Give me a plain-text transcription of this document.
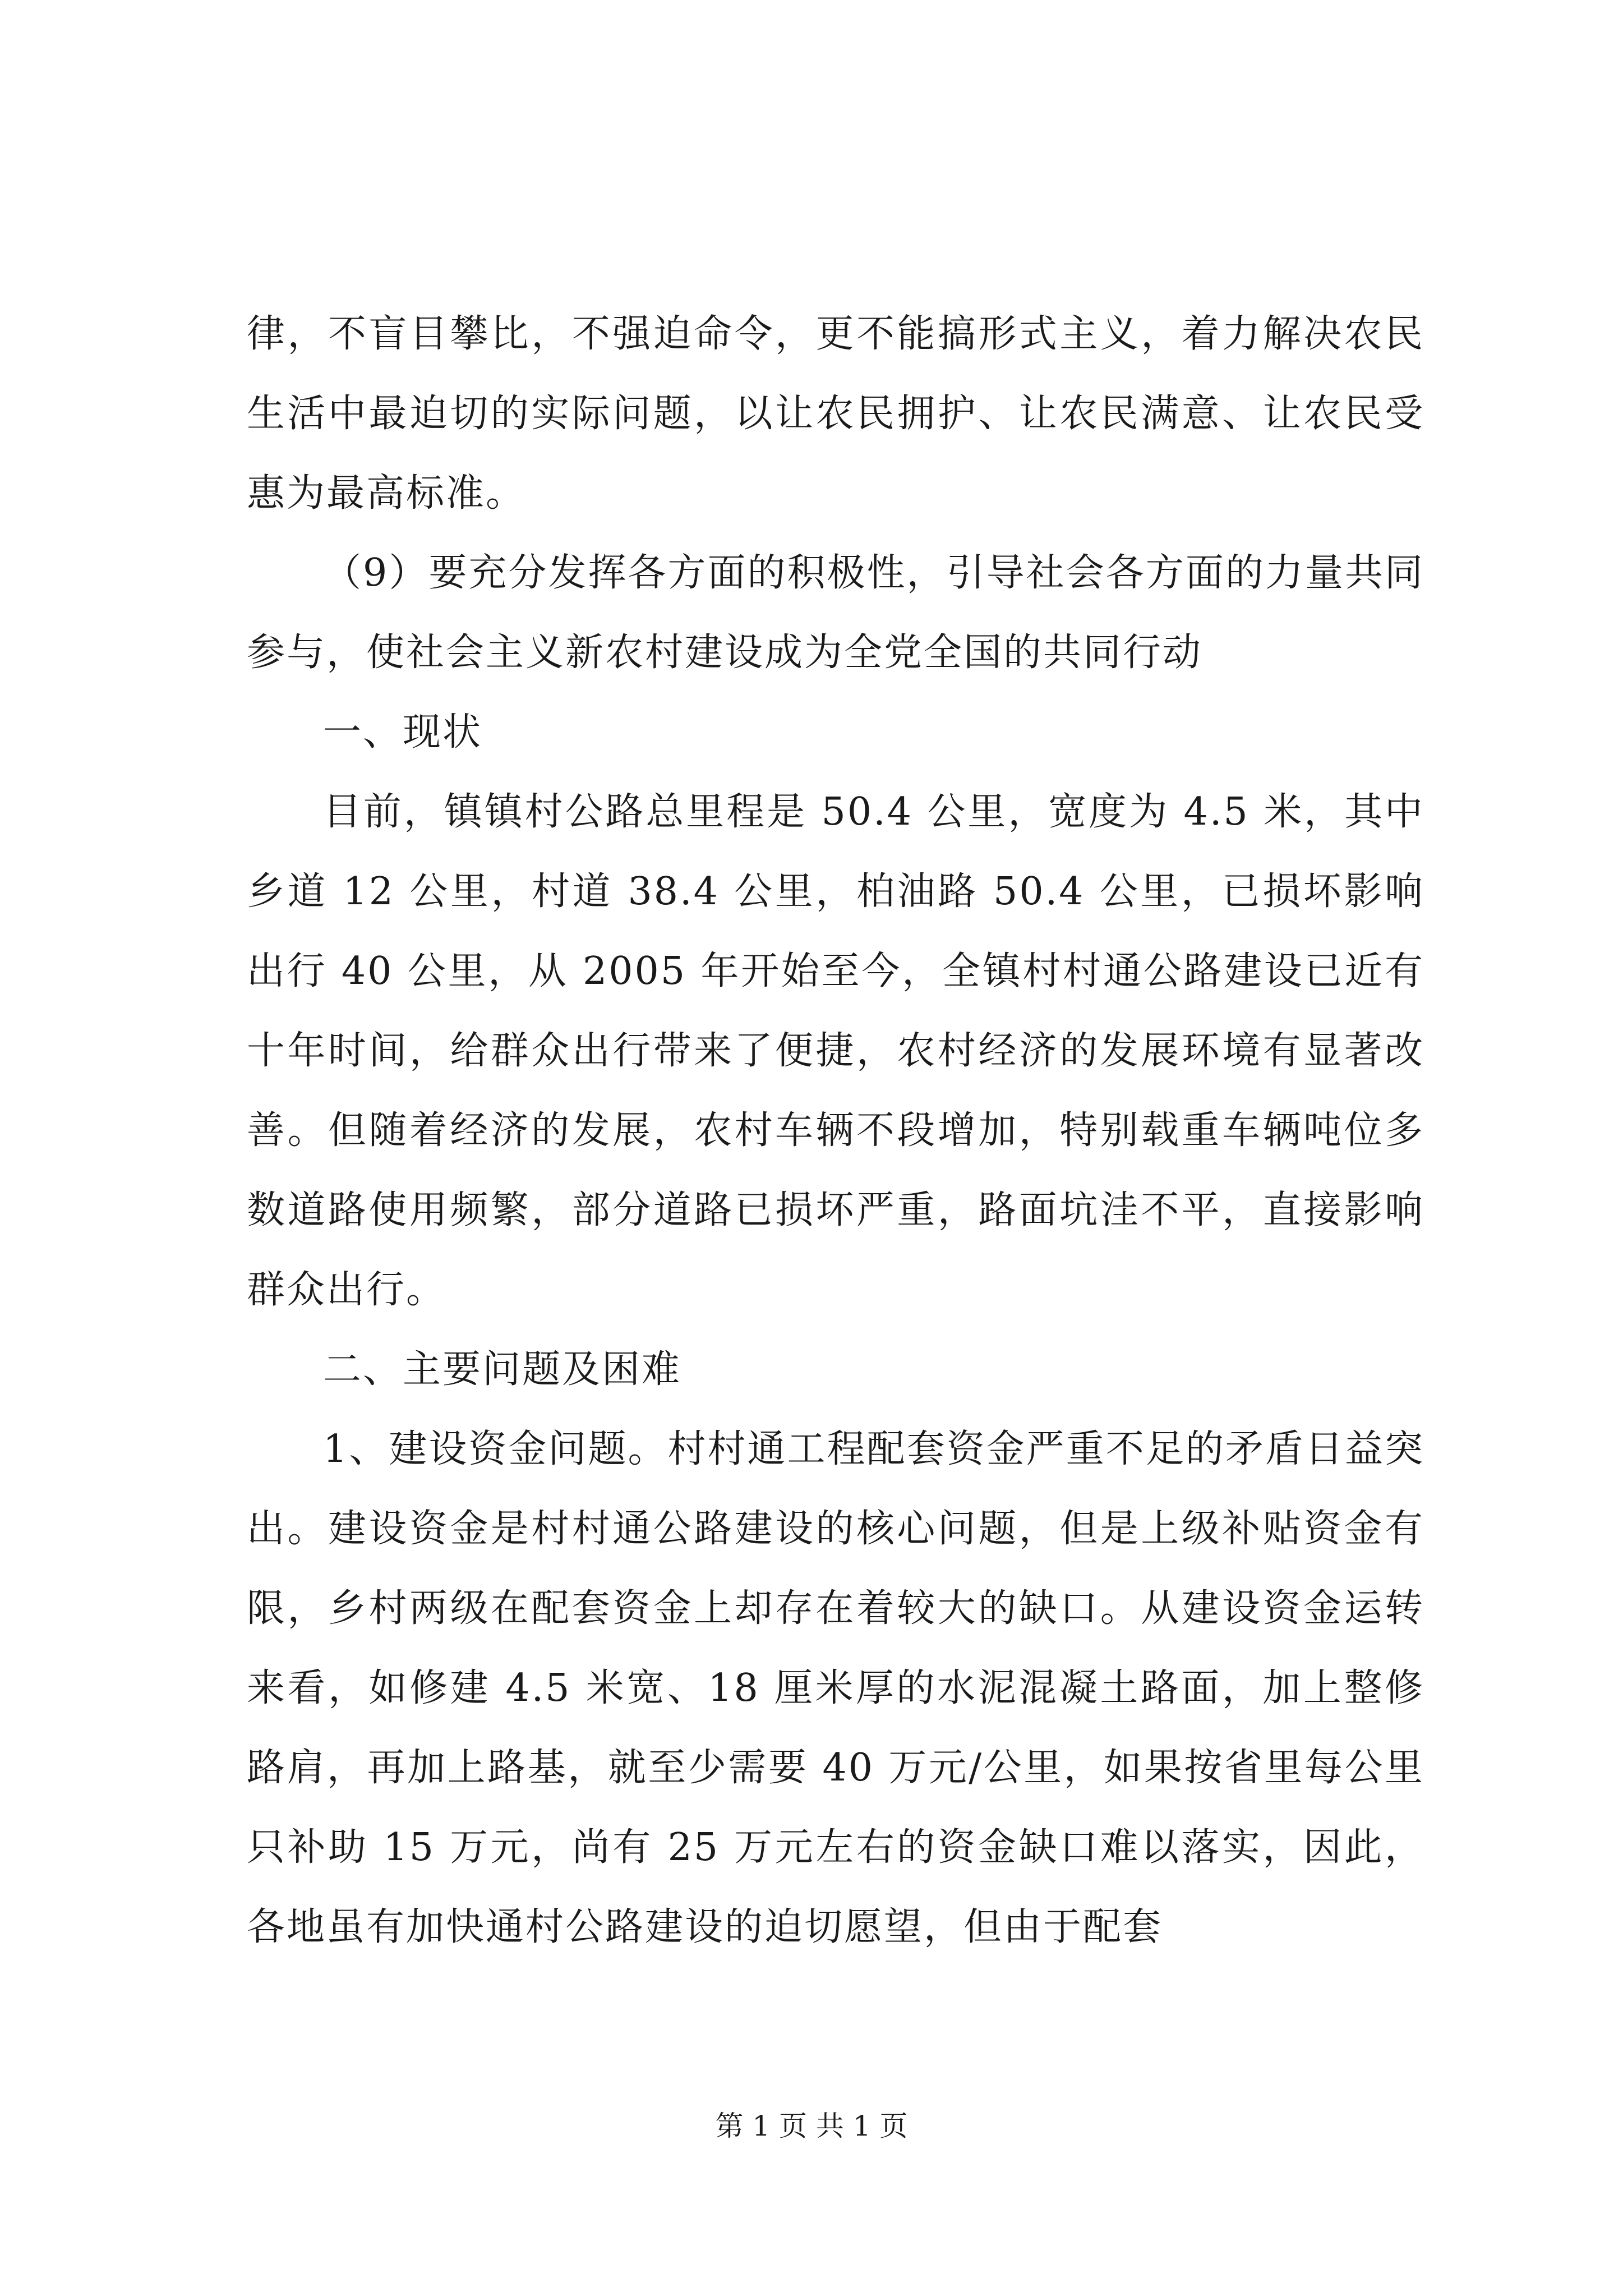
律，不盲目攀比，不强迫命令，更不能搞形式主义，着力解决农民生活中最迫切的实际问题，以让农民拥护、让农民满意、让农民受惠为最高标准。

（9）要充分发挥各方面的积极性，引导社会各方面的力量共同参与，使社会主义新农村建设成为全党全国的共同行动

一、现状

目前，镇镇村公路总里程是 50.4 公里，宽度为 4.5 米，其中乡道 12 公里，村道 38.4 公里，柏油路 50.4 公里，已损坏影响出行 40 公里，从 2005 年开始至今，全镇村村通公路建设已近有十年时间，给群众出行带来了便捷，农村经济的发展环境有显著改善。但随着经济的发展，农村车辆不段增加，特别载重车辆吨位多数道路使用频繁，部分道路已损坏严重，路面坑洼不平，直接影响群众出行。

二、主要问题及困难

1、建设资金问题。村村通工程配套资金严重不足的矛盾日益突出。建设资金是村村通公路建设的核心问题，但是上级补贴资金有限，乡村两级在配套资金上却存在着较大的缺口。从建设资金运转来看，如修建 4.5 米宽、18 厘米厚的水泥混凝土路面，加上整修路肩，再加上路基，就至少需要 40 万元/公里，如果按省里每公里只补助 15 万元，尚有 25 万元左右的资金缺口难以落实，因此，各地虽有加快通村公路建设的迫切愿望，但由于配套

第 1 页 共 1 页
